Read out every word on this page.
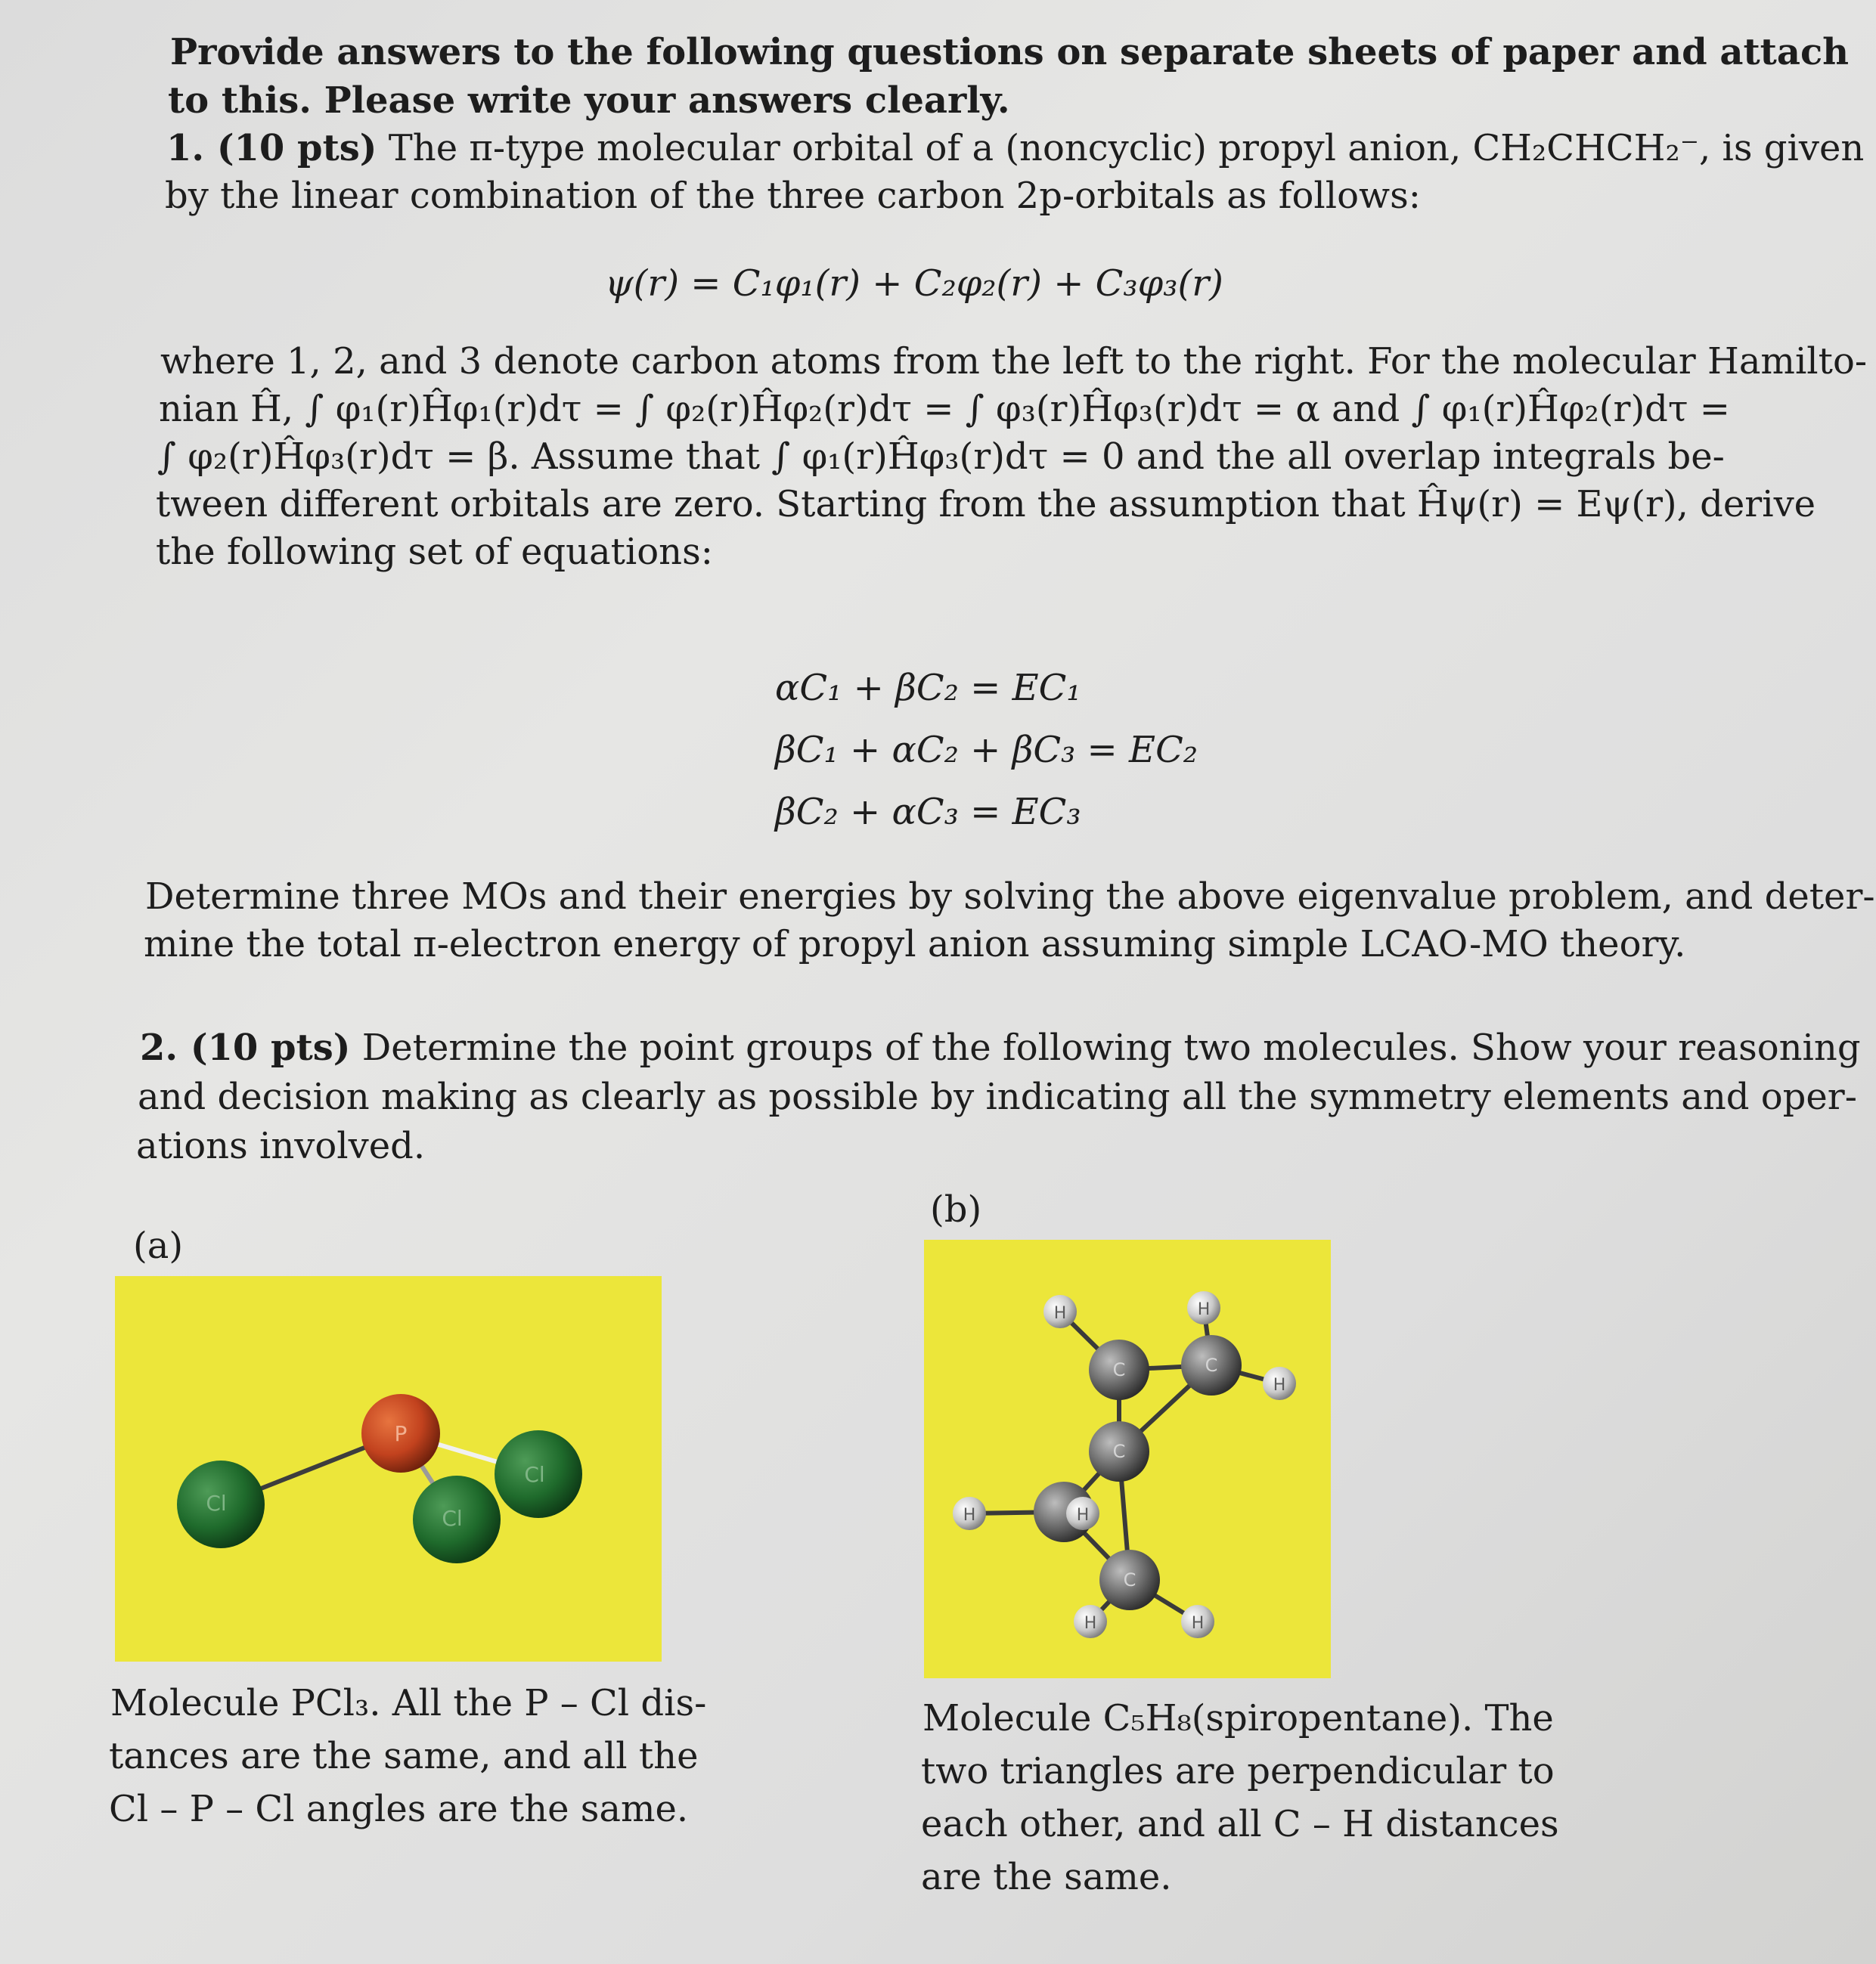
Provide answers to the following questions on separate sheets of paper and attach
to this. Please write your answers clearly.
1. (10 pts) The π-type molecular orbital of a (noncyclic) propyl anion, CH₂CHCH₂⁻, is given
by the linear combination of the three carbon 2p-orbitals as follows:
ψ(r) = C₁φ₁(r) + C₂φ₂(r) + C₃φ₃(r)
where 1, 2, and 3 denote carbon atoms from the left to the right. For the molecular Hamilto-
nian Ĥ, ∫ φ₁(r)Ĥφ₁(r)dτ = ∫ φ₂(r)Ĥφ₂(r)dτ = ∫ φ₃(r)Ĥφ₃(r)dτ = α and ∫ φ₁(r)Ĥφ₂(r)dτ =
∫ φ₂(r)Ĥφ₃(r)dτ = β. Assume that ∫ φ₁(r)Ĥφ₃(r)dτ = 0 and the all overlap integrals be-
tween different orbitals are zero. Starting from the assumption that Ĥψ(r) = Eψ(r), derive
the following set of equations:
αC₁ + βC₂ = EC₁
βC₁ + αC₂ + βC₃ = EC₂
βC₂ + αC₃ = EC₃
Determine three MOs and their energies by solving the above eigenvalue problem, and deter-
mine the total π-electron energy of propyl anion assuming simple LCAO-MO theory.
2. (10 pts) Determine the point groups of the following two molecules. Show your reasoning
and decision making as clearly as possible by indicating all the symmetry elements and oper-
ations involved.
(a)
Cl
Cl
Cl
P
Molecule PCl₃. All the P – Cl dis-
tances are the same, and all the
Cl – P – Cl angles are the same.
(b)
H	H
H
H
H	H
C	C
C
H
C
Molecule C₅H₈(spiropentane). The
two triangles are perpendicular to
each other, and all C – H distances
are the same.
